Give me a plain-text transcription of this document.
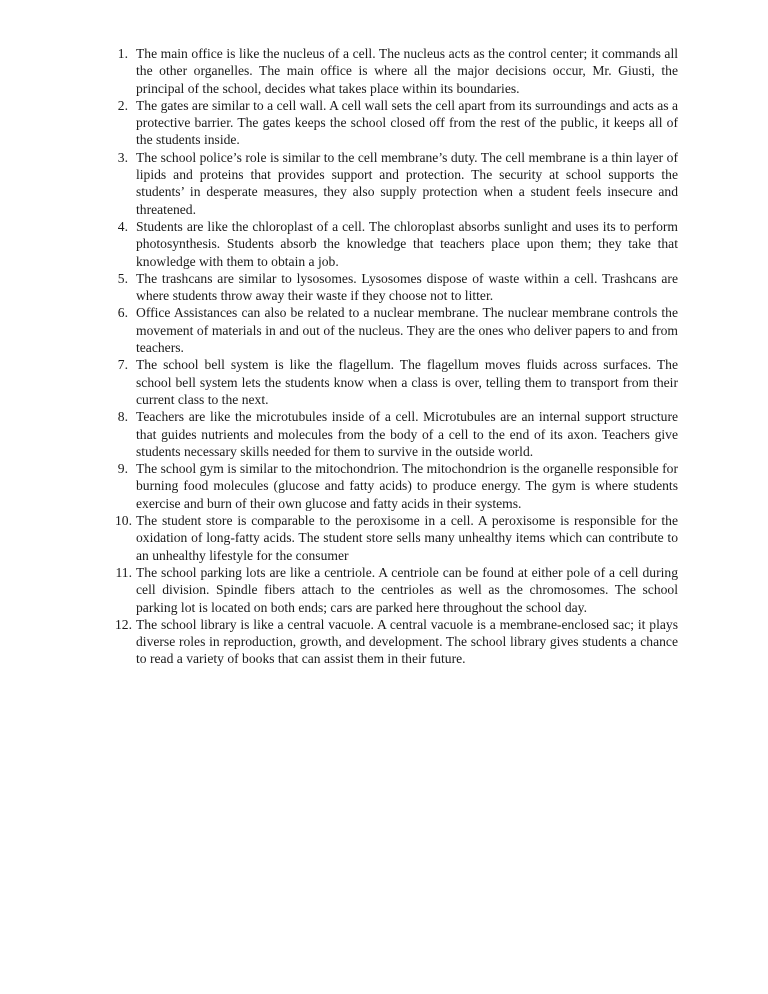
1. The main office is like the nucleus of a cell. The nucleus acts as the control center; it commands all the other organelles. The main office is where all the major decisions occur, Mr. Giusti, the principal of the school, decides what takes place within its boundaries.
2. The gates are similar to a cell wall. A cell wall sets the cell apart from its surroundings and acts as a protective barrier. The gates keeps the school closed off from the rest of the public, it keeps all of the students inside.
3. The school police’s role is similar to the cell membrane’s duty. The cell membrane is a thin layer of lipids and proteins that provides support and protection. The security at school supports the students’ in desperate measures, they also supply protection when a student feels insecure and threatened.
4. Students are like the chloroplast of a cell. The chloroplast absorbs sunlight and uses its to perform photosynthesis. Students absorb the knowledge that teachers place upon them; they take that knowledge with them to obtain a job.
5. The trashcans are similar to lysosomes. Lysosomes dispose of waste within a cell. Trashcans are where students throw away their waste if they choose not to litter.
6. Office Assistances can also be related to a nuclear membrane. The nuclear membrane controls the movement of materials in and out of the nucleus. They are the ones who deliver papers to and from teachers.
7. The school bell system is like the flagellum. The flagellum moves fluids across surfaces. The school bell system lets the students know when a class is over, telling them to transport from their current class to the next.
8. Teachers are like the microtubules inside of a cell. Microtubules are an internal support structure that guides nutrients and molecules from the body of a cell to the end of its axon. Teachers give students necessary skills needed for them to survive in the outside world.
9. The school gym is similar to the mitochondrion. The mitochondrion is the organelle responsible for burning food molecules (glucose and fatty acids) to produce energy. The gym is where students exercise and burn of their own glucose and fatty acids in their systems.
10. The student store is comparable to the peroxisome in a cell. A peroxisome is responsible for the oxidation of long-fatty acids. The student store sells many unhealthy items which can contribute to an unhealthy lifestyle for the consumer
11. The school parking lots are like a centriole. A centriole can be found at either pole of a cell during cell division. Spindle fibers attach to the centrioles as well as the chromosomes. The school parking lot is located on both ends; cars are parked here throughout the school day.
12. The school library is like a central vacuole. A central vacuole is a membrane-enclosed sac; it plays diverse roles in reproduction, growth, and development. The school library gives students a chance to read a variety of books that can assist them in their future.
